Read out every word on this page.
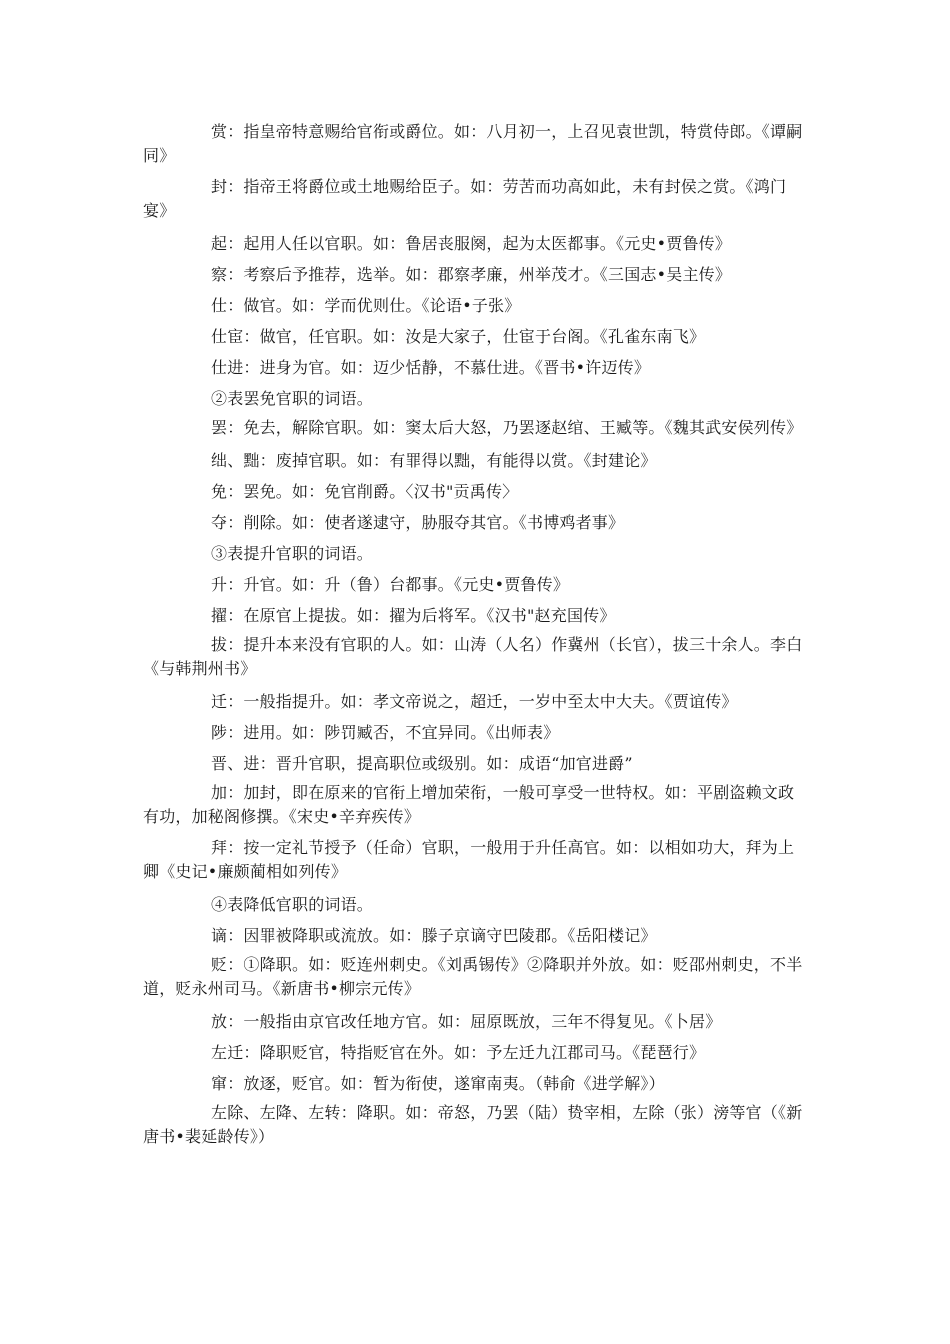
赏：指皇帝特意赐给官衔或爵位。如：八月初一，上召见袁世凯，特赏侍郎。《谭嗣同》

封：指帝王将爵位或土地赐给臣子。如：劳苦而功高如此，未有封侯之赏。《鸿门宴》

起：起用人任以官职。如：鲁居丧服阕，起为太医都事。《元史•贾鲁传》

察：考察后予推荐，选举。如：郡察孝廉，州举茂才。《三国志•吴主传》

仕：做官。如：学而优则仕。《论语•子张》

仕宦：做官，任官职。如：汝是大家子，仕宦于台阁。《孔雀东南飞》

仕进：进身为官。如：迈少恬静，不慕仕进。《晋书•许迈传》

②表罢免官职的词语。

罢：免去，解除官职。如：窦太后大怒，乃罢逐赵绾、王臧等。《魏其武安侯列传》

绌、黜：废掉官职。如：有罪得以黜，有能得以赏。《封建论》

免：罢免。如：免官削爵。〈汉书"贡禹传〉

夺：削除。如：使者遂逮守，胁服夺其官。《书博鸡者事》

③表提升官职的词语。

升：升官。如：升（鲁）台都事。《元史•贾鲁传》

擢：在原官上提拔。如：擢为后将军。《汉书"赵充国传》

拔：提升本来没有官职的人。如：山涛（人名）作冀州（长官），拔三十余人。李白《与韩荆州书》

迁：一般指提升。如：孝文帝说之，超迁，一岁中至太中大夫。《贾谊传》

陟：进用。如：陟罚臧否，不宜异同。《出师表》

晋、进：晋升官职，提高职位或级别。如：成语“加官进爵”

加：加封，即在原来的官衔上增加荣衔，一般可享受一世特权。如：平剧盗赖文政有功，加秘阁修撰。《宋史•辛弃疾传》

拜：按一定礼节授予（任命）官职，一般用于升任高官。如：以相如功大，拜为上卿《史记•廉颇蔺相如列传》

④表降低官职的词语。

谪：因罪被降职或流放。如：滕子京谪守巴陵郡。《岳阳楼记》

贬：①降职。如：贬连州刺史。《刘禹锡传》②降职并外放。如：贬邵州刺史，不半道，贬永州司马。《新唐书•柳宗元传》

放：一般指由京官改任地方官。如：屈原既放，三年不得复见。《卜居》

左迁：降职贬官，特指贬官在外。如：予左迁九江郡司马。《琵琶行》

窜：放逐，贬官。如：暂为衔使，遂窜南夷。（韩俞《进学解》）

左除、左降、左转：降职。如：帝怒，乃罢（陆）贽宰相，左除（张）滂等官（《新唐书•裴延龄传》）
